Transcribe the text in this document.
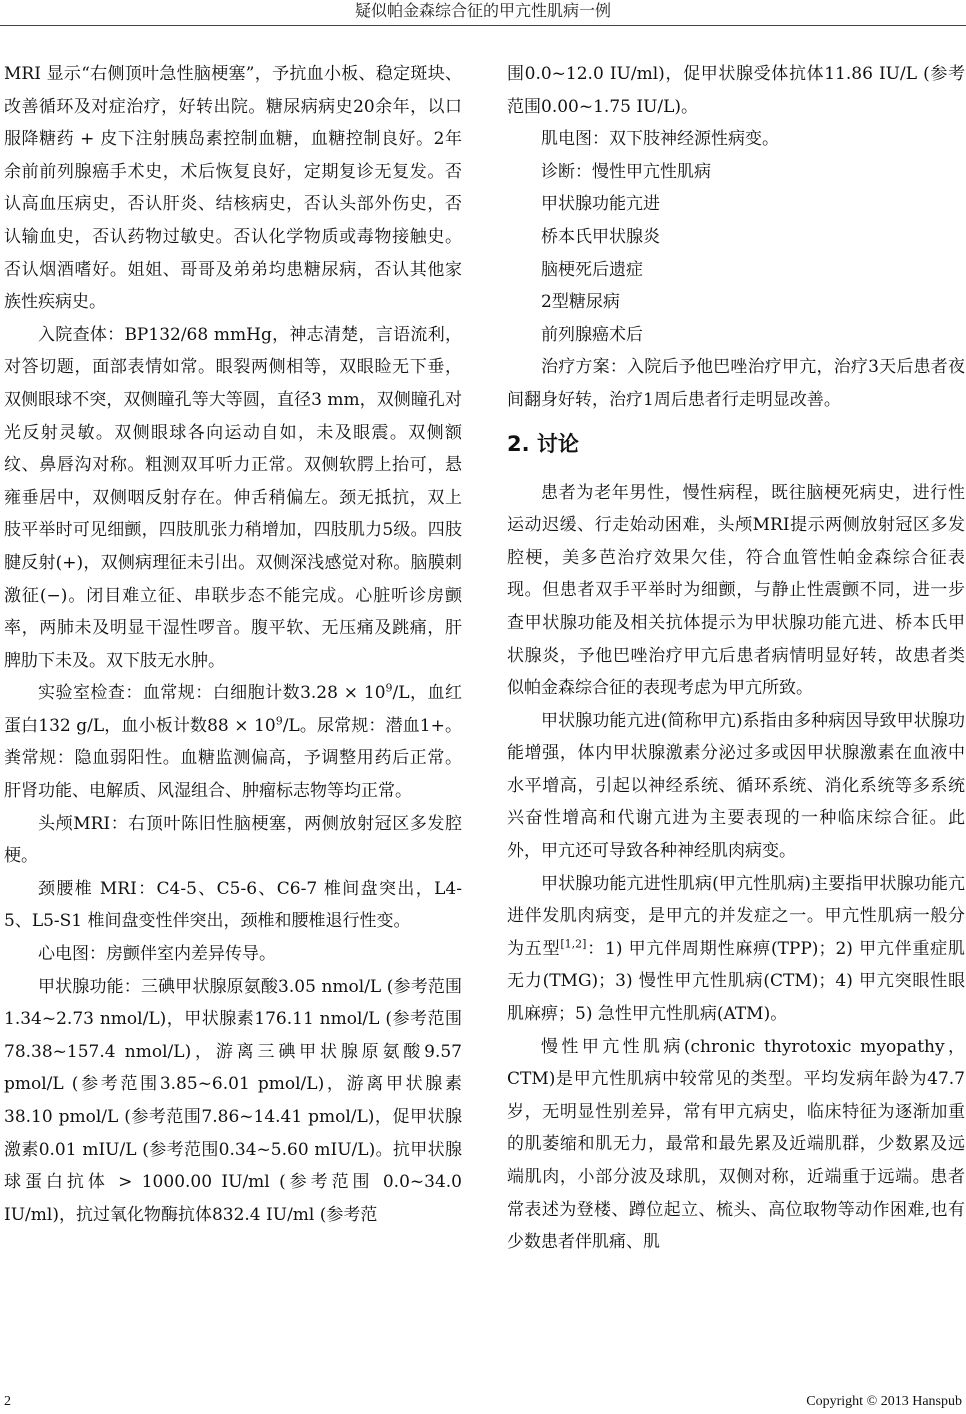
疑似帕金森综合征的甲亢性肌病一例

MRI 显示“右侧顶叶急性脑梗塞”，予抗血小板、稳定斑块、改善循环及对症治疗，好转出院。糖尿病病史20余年，以口服降糖药 + 皮下注射胰岛素控制血糖，血糖控制良好。2年余前前列腺癌手术史，术后恢复良好，定期复诊无复发。否认高血压病史，否认肝炎、结核病史，否认头部外伤史，否认输血史，否认药物过敏史。否认化学物质或毒物接触史。否认烟酒嗜好。姐姐、哥哥及弟弟均患糖尿病，否认其他家族性疾病史。

入院查体：BP132/68 mmHg，神志清楚，言语流利，对答切题，面部表情如常。眼裂两侧相等，双眼睑无下垂，双侧眼球不突，双侧瞳孔等大等圆，直径3 mm，双侧瞳孔对光反射灵敏。双侧眼球各向运动自如，未及眼震。双侧额纹、鼻唇沟对称。粗测双耳听力正常。双侧软腭上抬可，悬雍垂居中，双侧咽反射存在。伸舌稍偏左。颈无抵抗，双上肢平举时可见细颤，四肢肌张力稍增加，四肢肌力5级。四肢腱反射(+)，双侧病理征未引出。双侧深浅感觉对称。脑膜刺激征(−)。闭目难立征、串联步态不能完成。心脏听诊房颤率，两肺未及明显干湿性啰音。腹平软、无压痛及跳痛，肝脾肋下未及。双下肢无水肿。

实验室检查：血常规：白细胞计数$3.28 \times 10^9/L$，血红蛋白132 g/L，血小板计数$88 \times 10^9/L$。尿常规：潜血1+。粪常规：隐血弱阳性。血糖监测偏高，予调整用药后正常。肝肾功能、电解质、风湿组合、肿瘤标志物等均正常。

头颅MRI：右顶叶陈旧性脑梗塞，两侧放射冠区多发腔梗。

颈腰椎 MRI：C4-5、C5-6、C6-7 椎间盘突出，L4-5、L5-S1 椎间盘变性伴突出，颈椎和腰椎退行性变。

心电图：房颤伴室内差异传导。

甲状腺功能：三碘甲状腺原氨酸3.05 nmol/L (参考范围1.34~2.73 nmol/L)，甲状腺素176.11 nmol/L (参考范围78.38~157.4 nmol/L)，游离三碘甲状腺原氨酸9.57 pmol/L (参考范围3.85~6.01 pmol/L)，游离甲状腺素38.10 pmol/L (参考范围7.86~14.41 pmol/L)，促甲状腺激素0.01 mIU/L (参考范围0.34~5.60 mIU/L)。抗甲状腺球蛋白抗体 > 1000.00 IU/ml (参考范围 0.0~34.0 IU/ml)，抗过氧化物酶抗体832.4 IU/ml (参考范

围0.0~12.0 IU/ml)，促甲状腺受体抗体11.86 IU/L (参考范围0.00~1.75 IU/L)。

肌电图：双下肢神经源性病变。

诊断：慢性甲亢性肌病

甲状腺功能亢进

桥本氏甲状腺炎

脑梗死后遗症

2型糖尿病

前列腺癌术后

治疗方案：入院后予他巴唑治疗甲亢，治疗3天后患者夜间翻身好转，治疗1周后患者行走明显改善。

2. 讨论

患者为老年男性，慢性病程，既往脑梗死病史，进行性运动迟缓、行走始动困难，头颅MRI提示两侧放射冠区多发腔梗，美多芭治疗效果欠佳，符合血管性帕金森综合征表现。但患者双手平举时为细颤，与静止性震颤不同，进一步查甲状腺功能及相关抗体提示为甲状腺功能亢进、桥本氏甲状腺炎，予他巴唑治疗甲亢后患者病情明显好转，故患者类似帕金森综合征的表现考虑为甲亢所致。

甲状腺功能亢进(简称甲亢)系指由多种病因导致甲状腺功能增强，体内甲状腺激素分泌过多或因甲状腺激素在血液中水平增高，引起以神经系统、循环系统、消化系统等多系统兴奋性增高和代谢亢进为主要表现的一种临床综合征。此外，甲亢还可导致各种神经肌肉病变。

甲状腺功能亢进性肌病(甲亢性肌病)主要指甲状腺功能亢进伴发肌肉病变，是甲亢的并发症之一。甲亢性肌病一般分为五型[1,2]：1) 甲亢伴周期性麻痹(TPP)；2) 甲亢伴重症肌无力(TMG)；3) 慢性甲亢性肌病(CTM)；4) 甲亢突眼性眼肌麻痹；5) 急性甲亢性肌病(ATM)。

慢性甲亢性肌病(chronic thyrotoxic myopathy，CTM)是甲亢性肌病中较常见的类型。平均发病年龄为47.7岁，无明显性别差异，常有甲亢病史，临床特征为逐渐加重的肌萎缩和肌无力，最常和最先累及近端肌群，少数累及远端肌肉，小部分波及球肌，双侧对称，近端重于远端。患者常表述为登楼、蹲位起立、梳头、高位取物等动作困难,也有少数患者伴肌痛、肌

2	Copyright © 2013 Hanspub
